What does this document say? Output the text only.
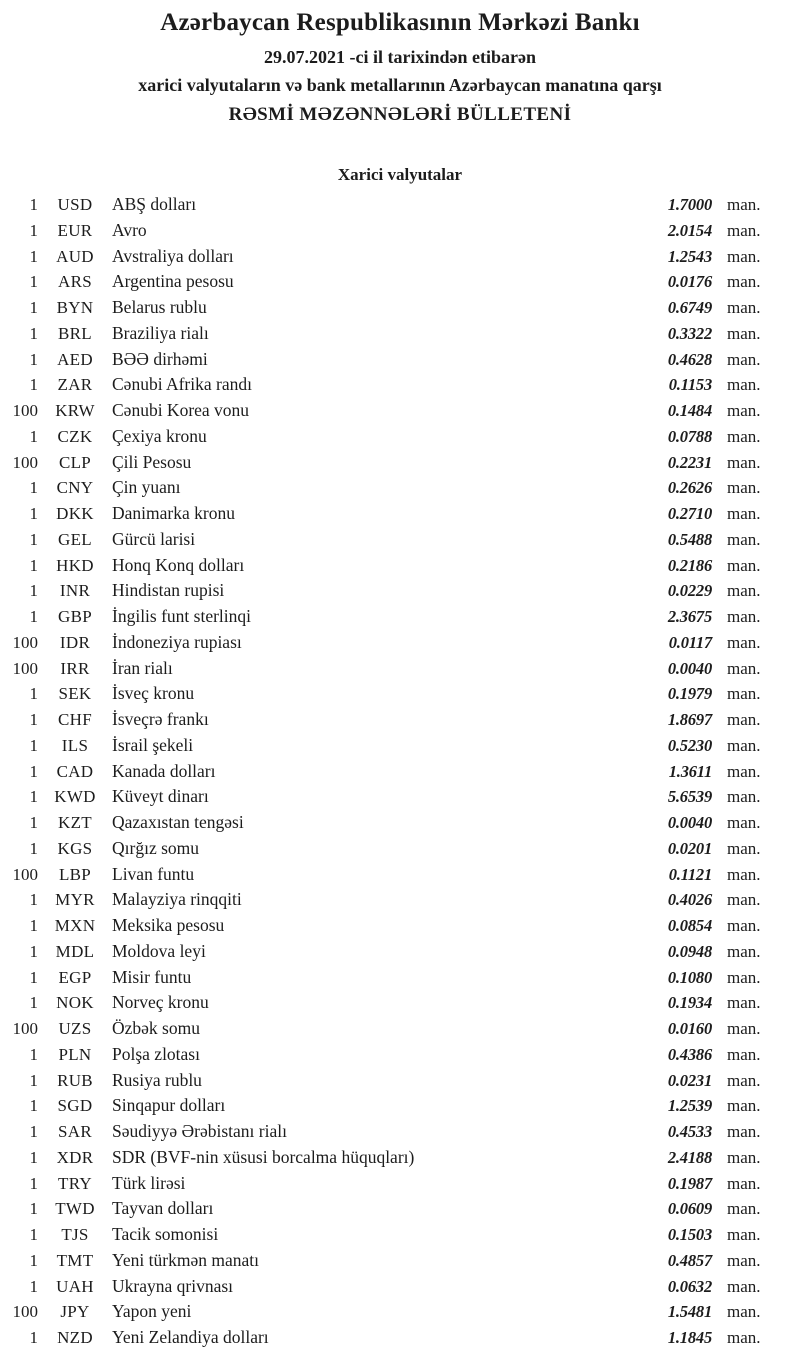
Azərbaycan Respublikasının Mərkəzi Bankı
29.07.2021 -ci il tarixindən etibarən
xarici valyutaların və bank metallarının Azərbaycan manatına qarşı
RƏSMİ MƏZƏNNƏLƏRİ BÜLLETENİ
Xarici valyutalar
1	USD	ABŞ dolları	1.7000 man.
1	EUR	Avro	2.0154 man.
1	AUD	Avstraliya dolları	1.2543 man.
1	ARS	Argentina pesosu	0.0176 man.
1	BYN	Belarus rublu	0.6749 man.
1	BRL	Braziliya rialı	0.3322 man.
1	AED	BƏƏ dirhəmi	0.4628 man.
1	ZAR	Cənubi Afrika randı	0.1153 man.
100	KRW Cənubi Korea vonu	0.1484 man.
1	CZK	Çexiya kronu	0.0788 man.
100	CLP	Çili Pesosu	0.2231 man.
1	CNY	Çin yuanı	0.2626 man.
1	DKK	Danimarka kronu	0.2710 man.
1	GEL	Gürcü larisi	0.5488 man.
1	HKD	Honq Konq dolları	0.2186 man.
1	INR	Hindistan rupisi	0.0229 man.
1	GBP	İngilis funt sterlinqi	2.3675 man.
100	IDR	İndoneziya rupiası	0.0117 man.
100	IRR	İran rialı	0.0040 man.
1	SEK	İsveç kronu	0.1979 man.
1	CHF	İsveçrə frankı	1.8697 man.
1	ILS	İsrail şekeli	0.5230 man.
1	CAD	Kanada dolları	1.3611 man.
1 KWD Küveyt dinarı	5.6539 man.
1	KZT	Qazaxıstan tengəsi	0.0040 man.
1	KGS	Qırğız somu	0.0201 man.
100	LBP	Livan funtu	0.1121 man.
1	MYR Malayziya rinqqiti	0.4026 man.
1 MXN Meksika pesosu	0.0854 man.
1	MDL	Moldova leyi	0.0948 man.
1	EGP	Misir funtu	0.1080 man.
1	NOK	Norveç kronu	0.1934 man.
100	UZS	Özbək somu	0.0160 man.
1	PLN	Polşa zlotası	0.4386 man.
1	RUB	Rusiya rublu	0.0231 man.
1	SGD	Sinqapur dolları	1.2539 man.
1	SAR	Səudiyyə Ərəbistanı rialı	0.4533 man.
1	XDR	SDR (BVF-nin xüsusi borcalma hüquqları)	2.4188 man.
1	TRY	Türk lirəsi	0.1987 man.
1	TWD Tayvan dolları	0.0609 man.
1	TJS	Tacik somonisi	0.1503 man.
1	TMT	Yeni türkmən manatı	0.4857 man.
1	UAH	Ukrayna qrivnası	0.0632 man.
100	JPY	Yapon yeni	1.5481 man.
1	NZD	Yeni Zelandiya dolları	1.1845 man.
